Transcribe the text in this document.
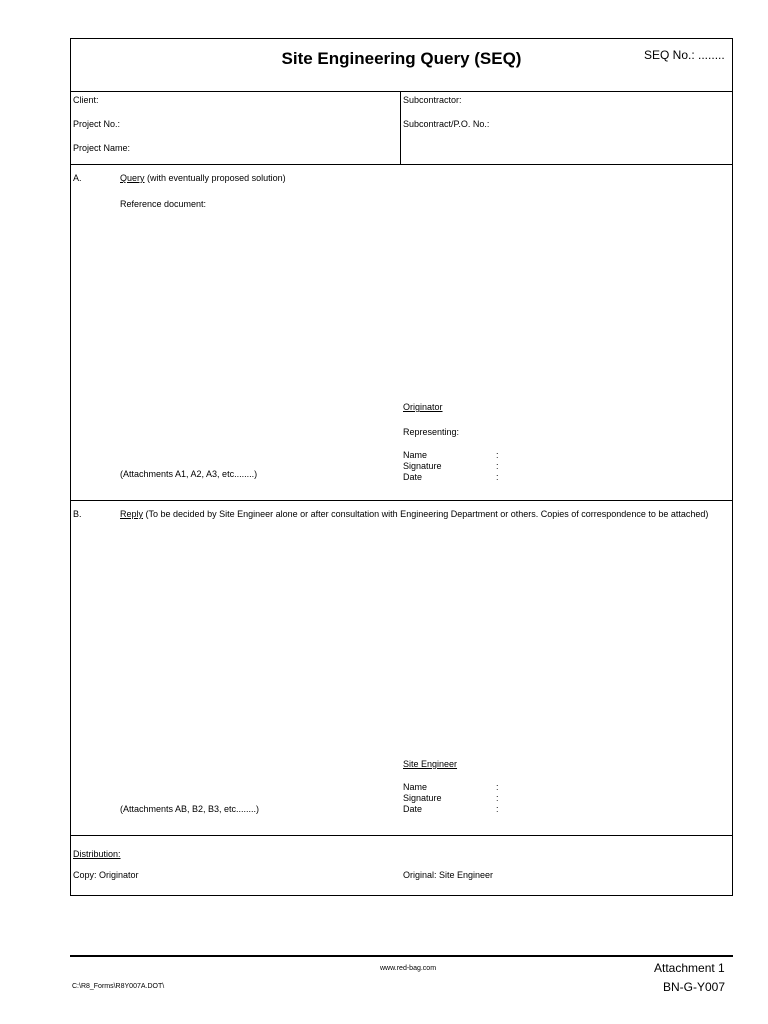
Site Engineering Query (SEQ)	SEQ No.: ........
Client:
Project No.:
Project Name:
Subcontractor:
Subcontract/P.O. No.:
A.	Query (with eventually proposed solution)
Reference document:
Originator
Representing:
Name	:
Signature	:
Date	:
(Attachments A1, A2, A3, etc........)
B.	Reply (To be decided by Site Engineer alone or after consultation with Engineering Department or others. Copies of correspondence to be attached)
Site Engineer
Name	:
Signature	:
Date	:
(Attachments AB, B2, B3, etc........)
Distribution:
Copy: Originator	Original: Site Engineer
www.red-bag.com
C:\R8_Forms\R8Y007A.DOT\
Attachment 1
BN-G-Y007
